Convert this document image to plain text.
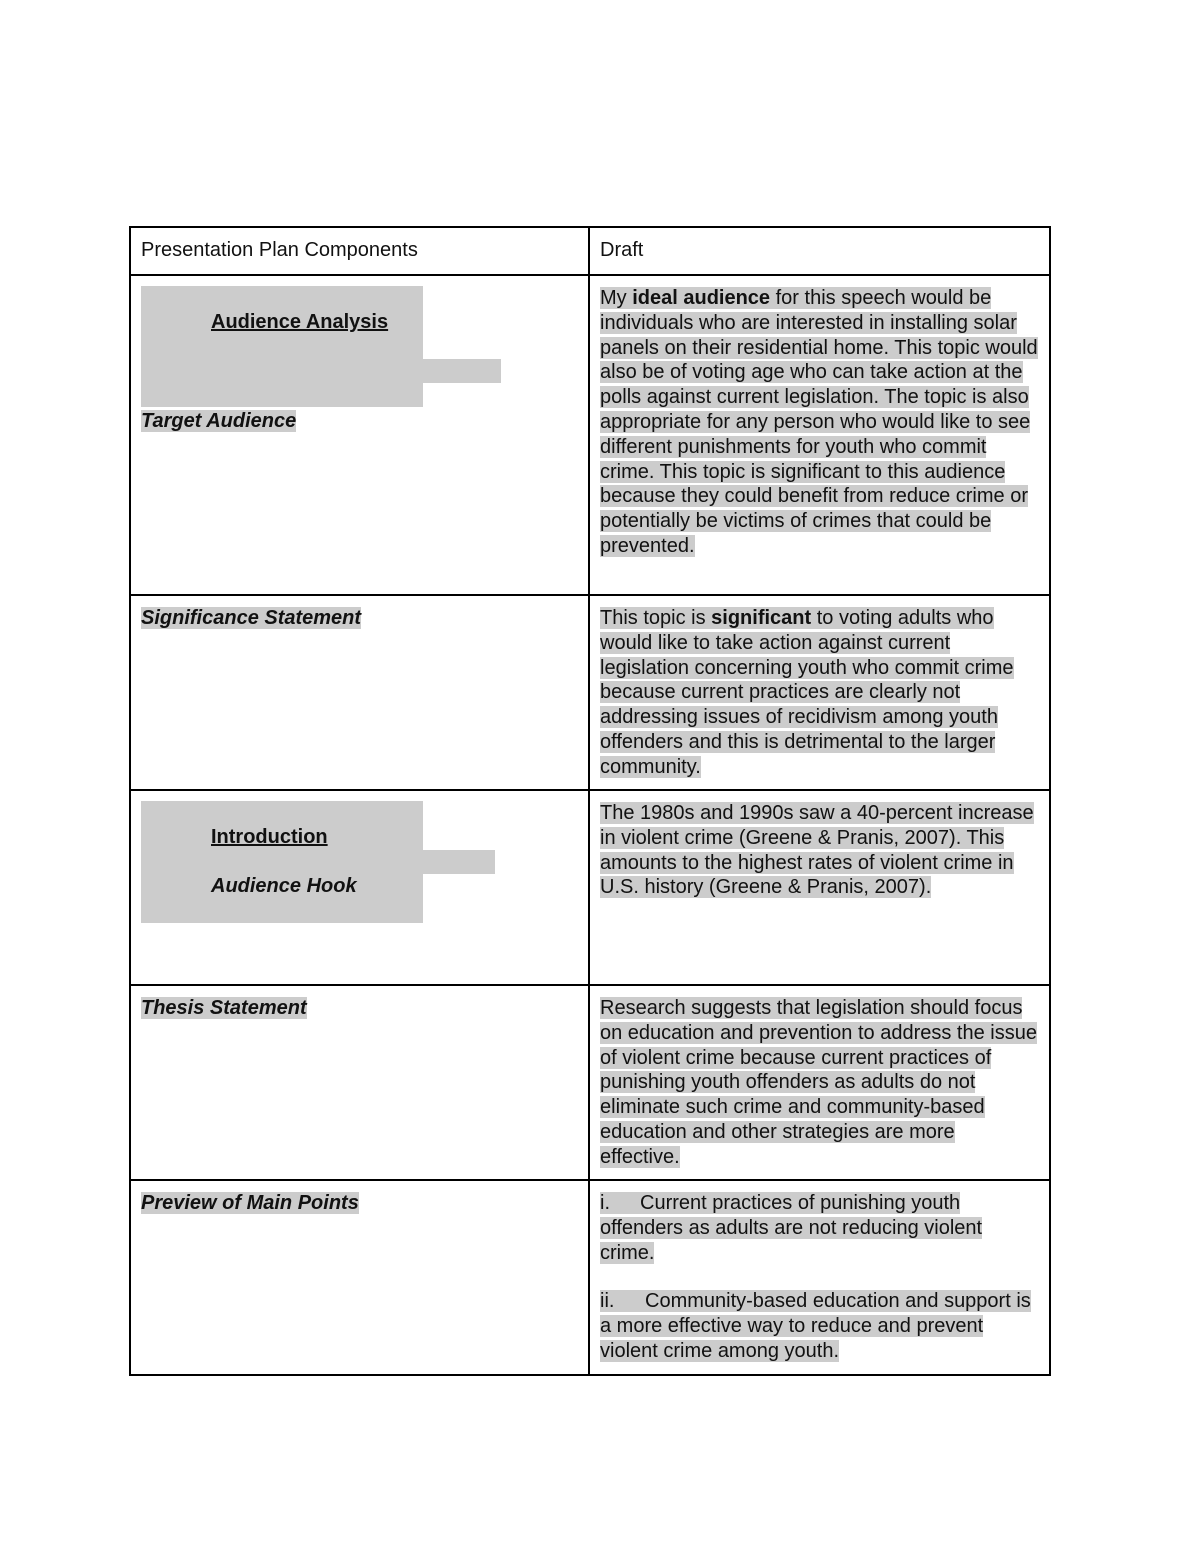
Presentation Plan Components	Draft

Audience Analysis
Target Audience	My ideal audience for this speech would be individuals who are interested in installing solar panels on their residential home. This topic would also be of voting age who can take action at the polls against current legislation. The topic is also appropriate for any person who would like to see different punishments for youth who commit crime. This topic is significant to this audience because they could benefit from reduce crime or potentially be victims of crimes that could be prevented.
Significance Statement	This topic is significant to voting adults who would like to take action against current legislation concerning youth who commit crime because current practices are clearly not addressing issues of recidivism among youth offenders and this is detrimental to the larger community.

Introduction
Audience Hook	The 1980s and 1990s saw a 40-percent increase in violent crime (Greene & Pranis, 2007). This amounts to the highest rates of violent crime in U.S. history (Greene & Pranis, 2007).
Thesis Statement	Research suggests that legislation should focus on education and prevention to address the issue of violent crime because current practices of punishing youth offenders as adults do not eliminate such crime and community-based education and other strategies are more effective.
Preview of Main Points	i. Current practices of punishing youth offenders as adults are not reducing violent crime.
ii. Community-based education and support is a more effective way to reduce and prevent violent crime among youth.
